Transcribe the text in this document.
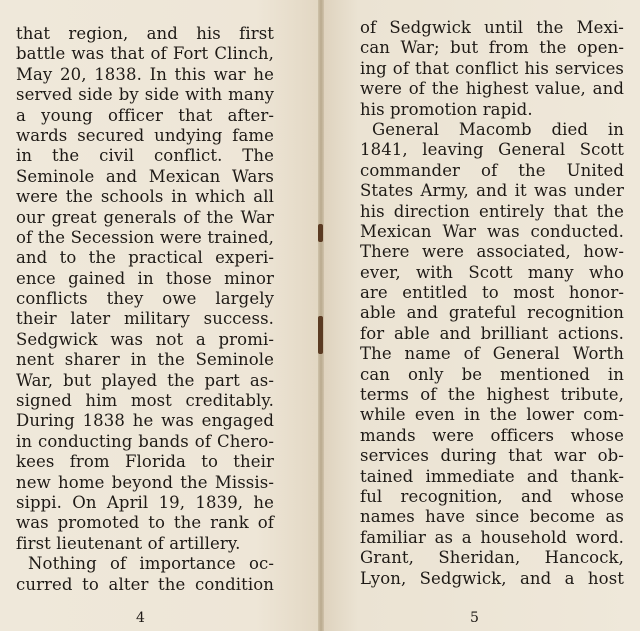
that region, and his first
battle was that of Fort Clinch,
May 20, 1838. In this war he
served side by side with many
a young officer that after-
wards secured undying fame
in the civil conflict. The
Seminole and Mexican Wars
were the schools in which all
our great generals of the War
of the Secession were trained,
and to the practical experi-
ence gained in those minor
conflicts they owe largely
their later military success.
Sedgwick was not a promi-
nent sharer in the Seminole
War, but played the part as-
signed him most creditably.
During 1838 he was engaged
in conducting bands of Chero-
kees from Florida to their
new home beyond the Missis-
sippi. On April 19, 1839, he
was promoted to the rank of
first lieutenant of artillery.
Nothing of importance oc-
curred to alter the condition
4
of Sedgwick until the Mexi-
can War; but from the open-
ing of that conflict his services
were of the highest value, and
his promotion rapid.
General Macomb died in
1841, leaving General Scott
commander of the United
States Army, and it was under
his direction entirely that the
Mexican War was conducted.
There were associated, how-
ever, with Scott many who
are entitled to most honor-
able and grateful recognition
for able and brilliant actions.
The name of General Worth
can only be mentioned in
terms of the highest tribute,
while even in the lower com-
mands were officers whose
services during that war ob-
tained immediate and thank-
ful recognition, and whose
names have since become as
familiar as a household word.
Grant, Sheridan, Hancock,
Lyon, Sedgwick, and a host
5
